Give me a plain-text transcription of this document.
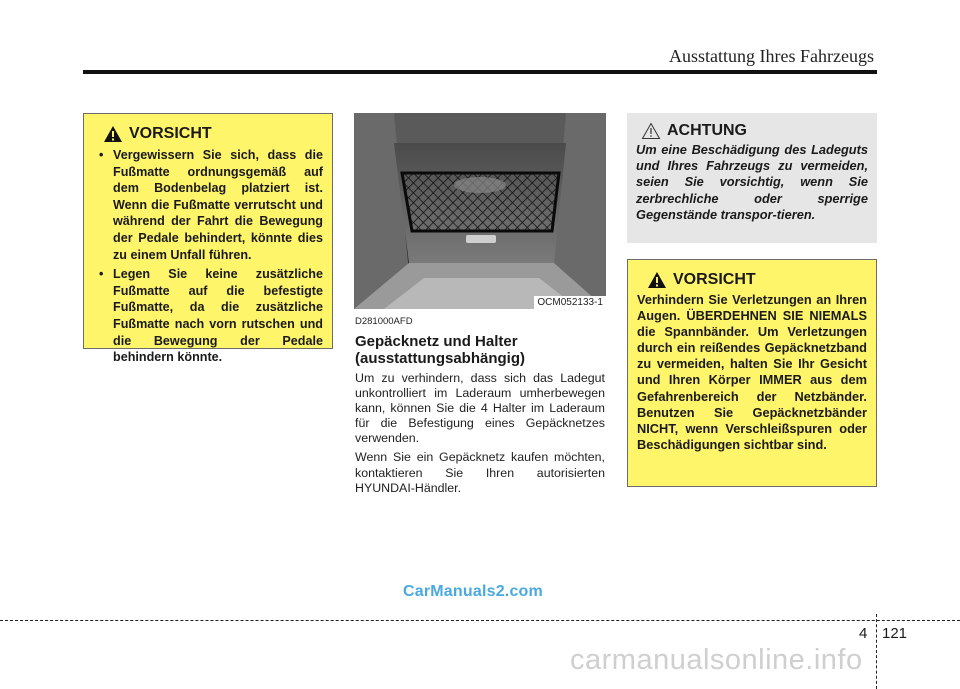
Ausstattung Ihres Fahrzeugs
VORSICHT
• Vergewissern Sie sich, dass die Fußmatte ordnungsgemäß auf dem Bodenbelag platziert ist. Wenn die Fußmatte verrutscht und während der Fahrt die Bewegung der Pedale behindert, könnte dies zu einem Unfall führen.
• Legen Sie keine zusätzliche Fußmatte auf die befestigte Fußmatte, da die zusätzliche Fußmatte nach vorn rutschen und die Bewegung der Pedale behindern könnte.
OCM052133-1
D281000AFD
Gepäcknetz und Halter (ausstattungsabhängig)

Um zu verhindern, dass sich das Ladegut unkontrolliert im Laderaum umherbewegen kann, können Sie die 4 Halter im Laderaum für die Befestigung eines Gepäcknetzes verwenden.

Wenn Sie ein Gepäcknetz kaufen möchten, kontaktieren Sie Ihren autorisierten HYUNDAI-Händler.

ACHTUNG
Um eine Beschädigung des Ladeguts und Ihres Fahrzeugs zu vermeiden, seien Sie vorsichtig, wenn Sie zerbrechliche oder sperrige Gegenstände transpor-tieren.
VORSICHT
Verhindern Sie Verletzungen an Ihren Augen. ÜBERDEHNEN SIE NIEMALS die Spannbänder. Um Verletzungen durch ein reißendes Gepäcknetzband zu vermeiden, halten Sie Ihr Gesicht und Ihren Körper IMMER aus dem Gefahrenbereich der Netzbänder. Benutzen Sie Gepäcknetzbänder NICHT, wenn Verschleißspuren oder Beschädigungen sichtbar sind.
CarManuals2.com
4 121
carmanualsonline.info
